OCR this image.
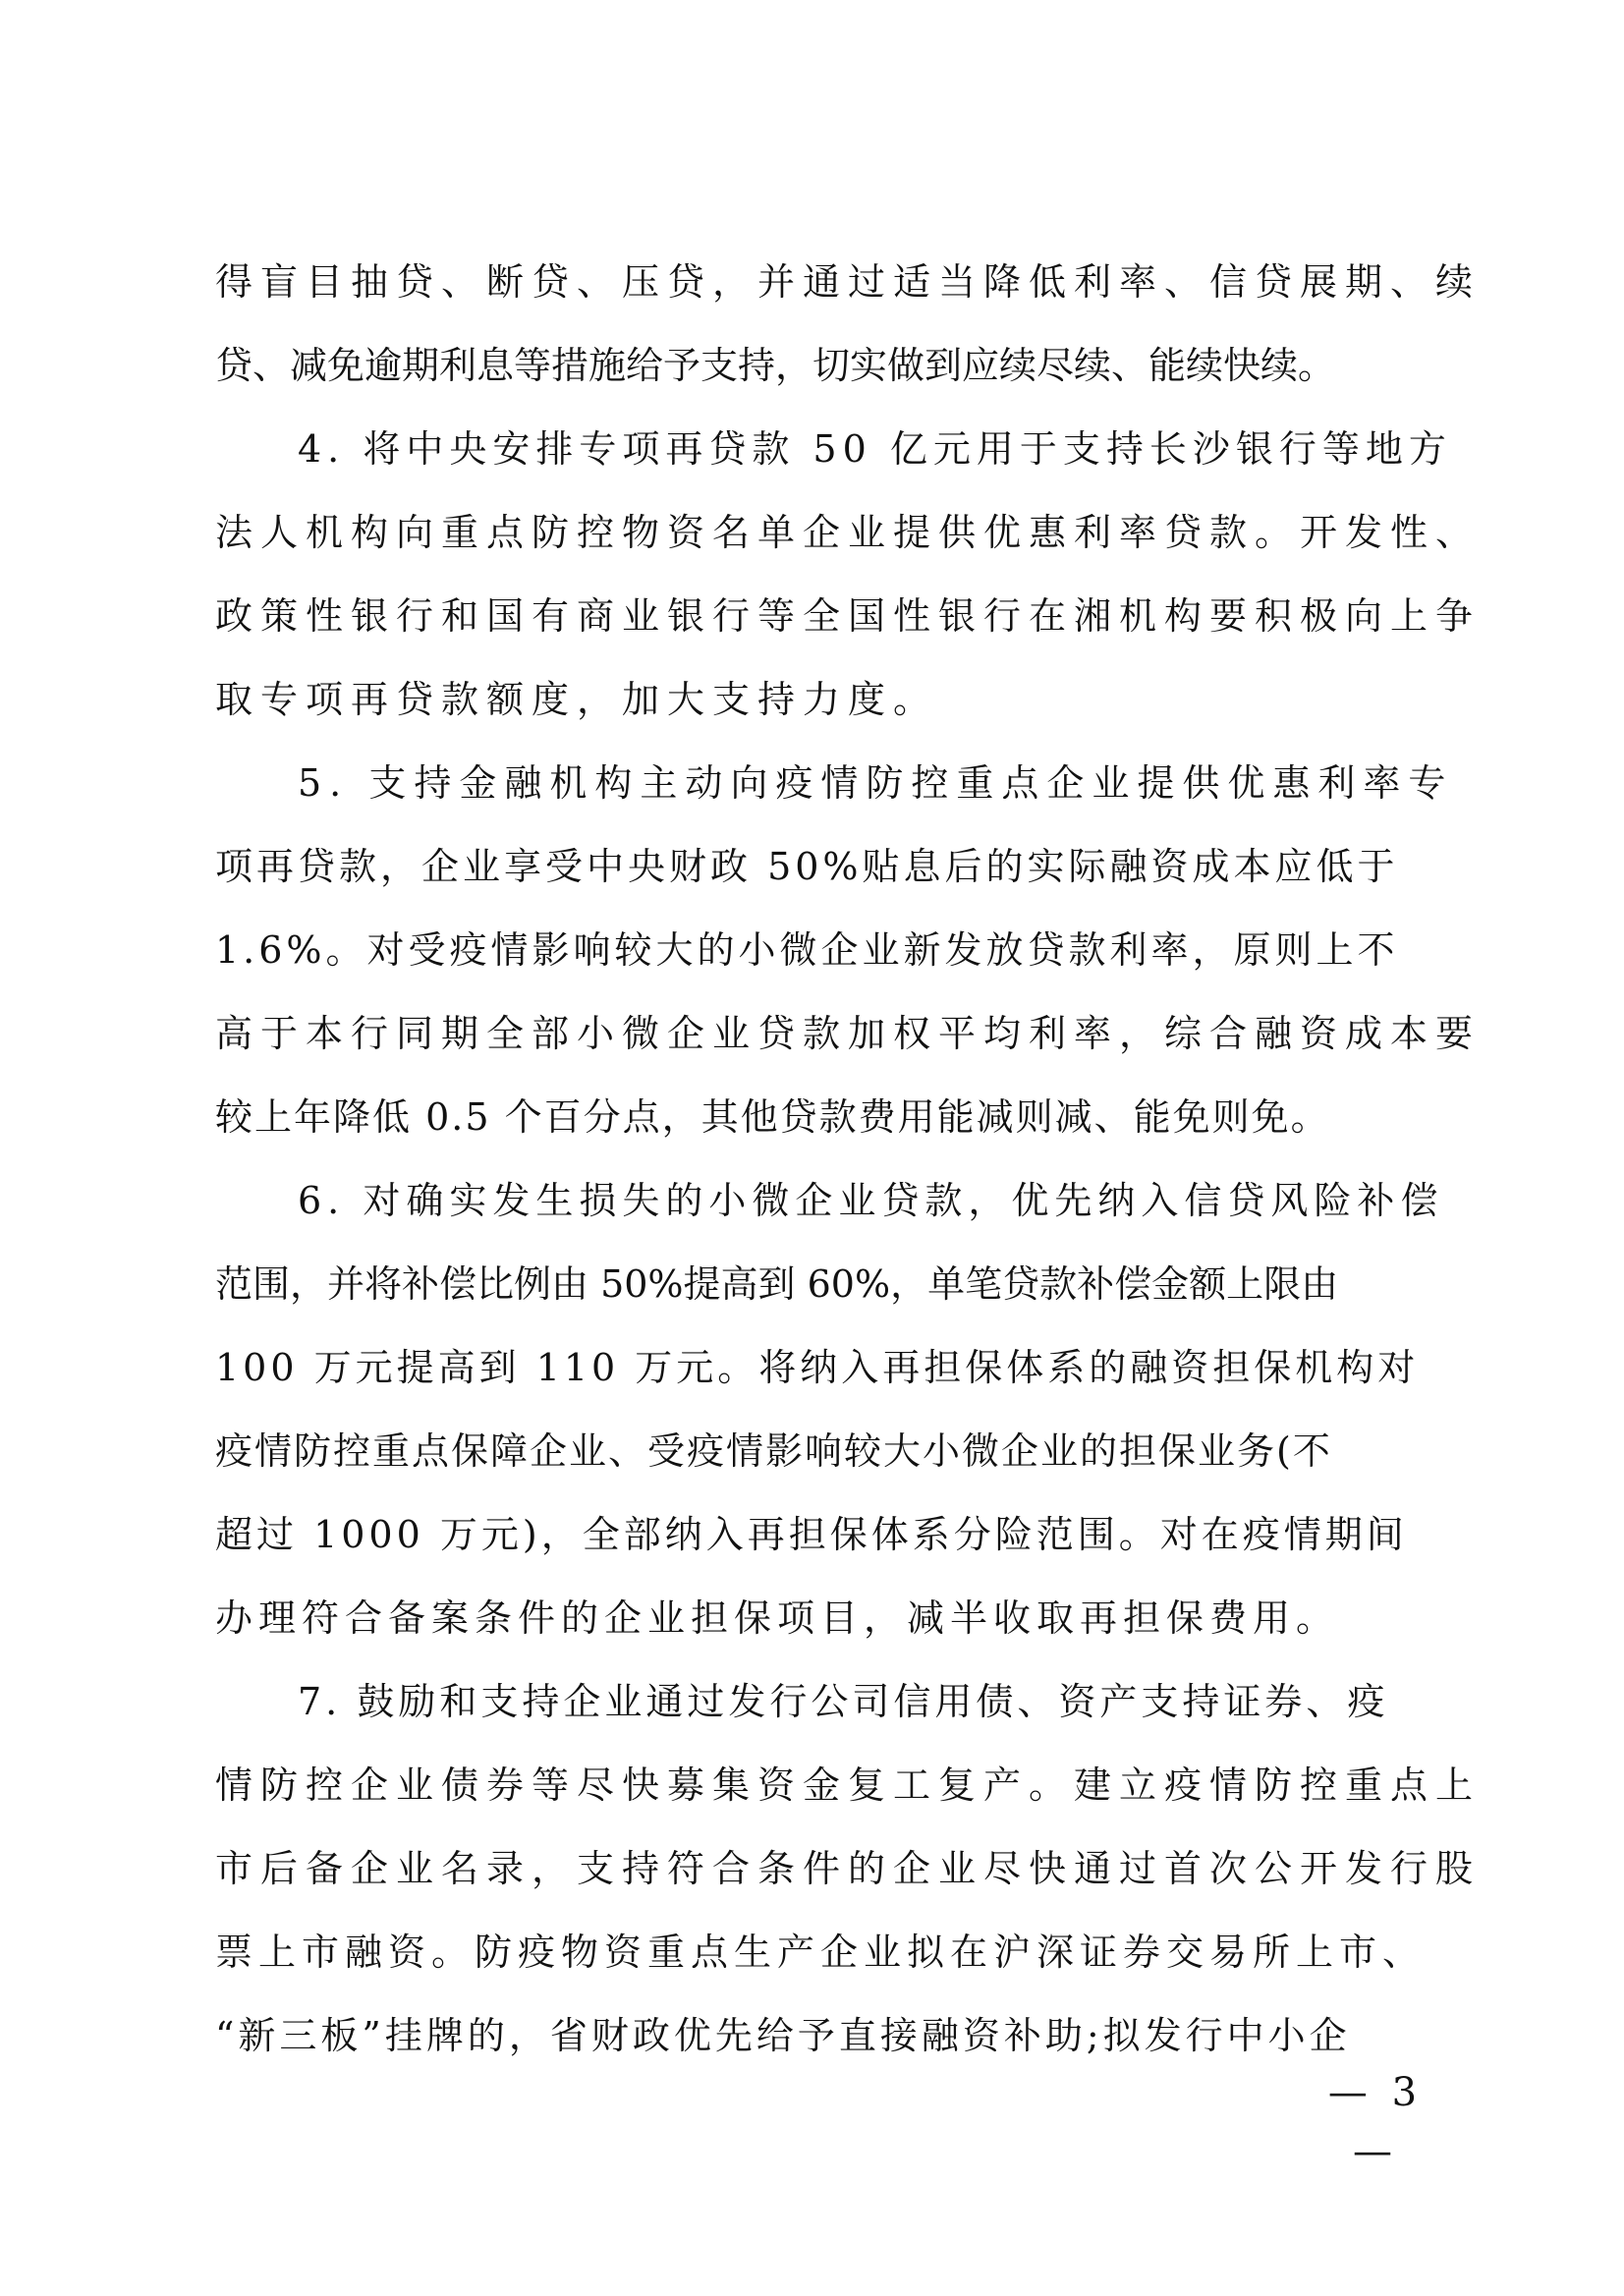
得盲目抽贷、断贷、压贷，并通过适当降低利率、信贷展期、续
贷、减免逾期利息等措施给予支持，切实做到应续尽续、能续快续。
4. 将中央安排专项再贷款 50 亿元用于支持长沙银行等地方
法人机构向重点防控物资名单企业提供优惠利率贷款。开发性、
政策性银行和国有商业银行等全国性银行在湘机构要积极向上争
取专项再贷款额度，加大支持力度。
5. 支持金融机构主动向疫情防控重点企业提供优惠利率专
项再贷款，企业享受中央财政 50%贴息后的实际融资成本应低于
1.6%。对受疫情影响较大的小微企业新发放贷款利率，原则上不
高于本行同期全部小微企业贷款加权平均利率，综合融资成本要
较上年降低 0.5 个百分点，其他贷款费用能减则减、能免则免。
6. 对确实发生损失的小微企业贷款，优先纳入信贷风险补偿
范围，并将补偿比例由 50%提高到 60%，单笔贷款补偿金额上限由
100 万元提高到 110 万元。将纳入再担保体系的融资担保机构对
疫情防控重点保障企业、受疫情影响较大小微企业的担保业务(不
超过 1000 万元)，全部纳入再担保体系分险范围。对在疫情期间
办理符合备案条件的企业担保项目，减半收取再担保费用。
7. 鼓励和支持企业通过发行公司信用债、资产支持证券、疫
情防控企业债券等尽快募集资金复工复产。建立疫情防控重点上
市后备企业名录，支持符合条件的企业尽快通过首次公开发行股
票上市融资。防疫物资重点生产企业拟在沪深证券交易所上市、
“新三板”挂牌的，省财政优先给予直接融资补助;拟发行中小企
— 3 —
